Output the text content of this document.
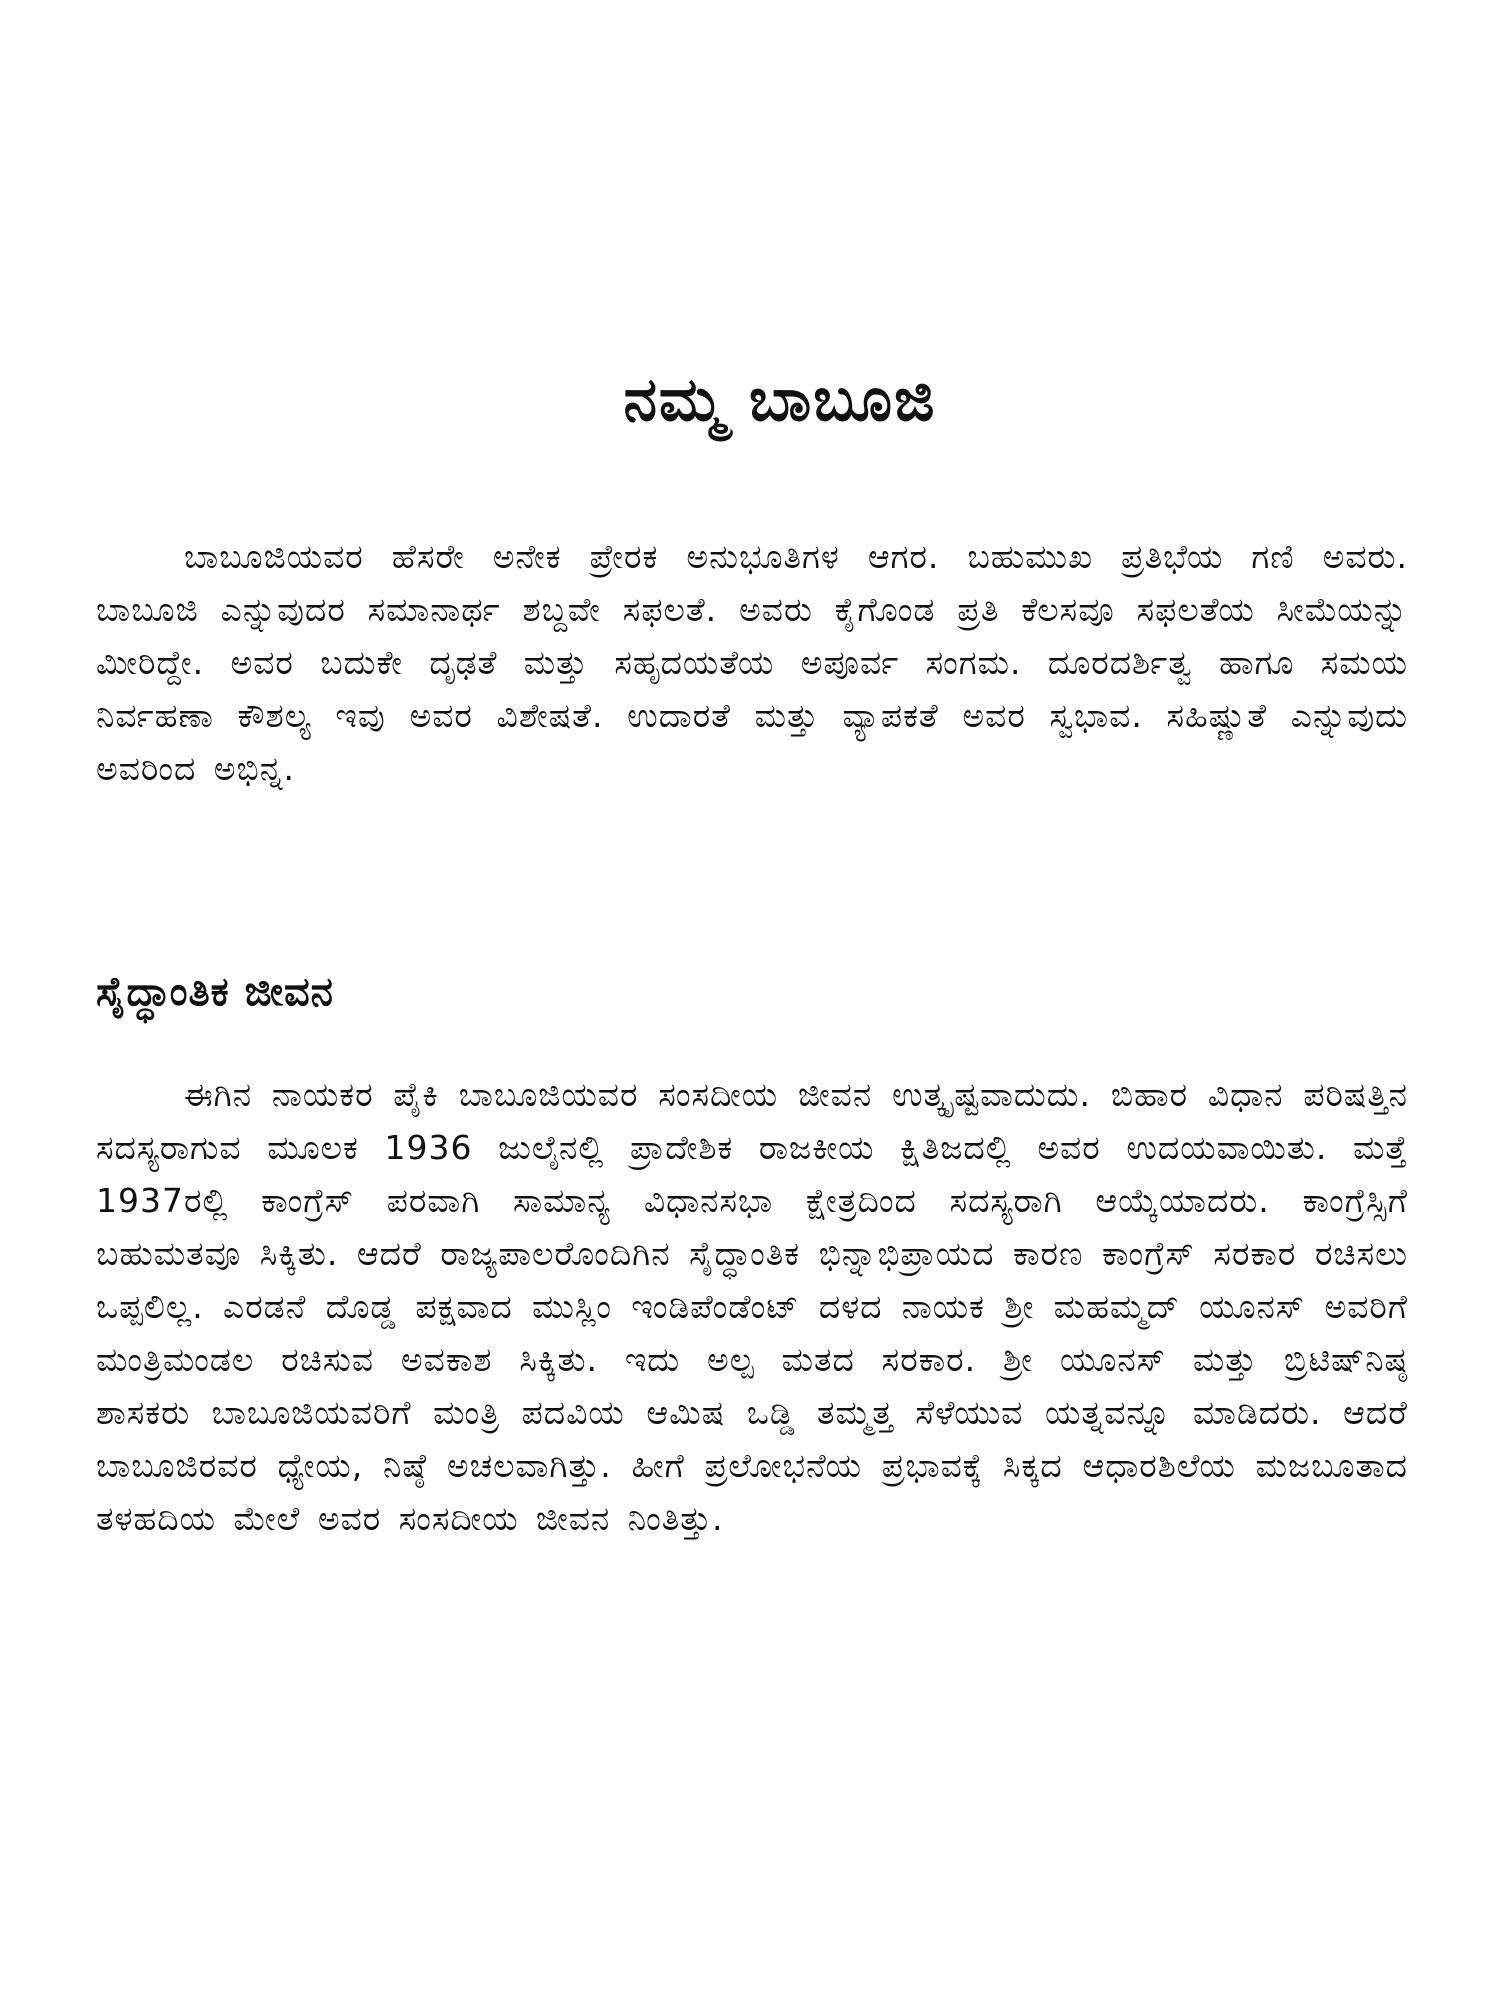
ನಮ್ಮ ಬಾಬೂಜಿ

ಬಾಬೂಜಿಯವರ ಹೆಸರೇ ಅನೇಕ ಪ್ರೇರಕ ಅನುಭೂತಿಗಳ ಆಗರ. ಬಹುಮುಖ ಪ್ರತಿಭೆಯ ಗಣಿ ಅವರು. ಬಾಬೂಜಿ ಎನ್ನುವುದರ ಸಮಾನಾರ್ಥ ಶಬ್ದವೇ ಸಫಲತೆ. ಅವರು ಕೈಗೊಂಡ ಪ್ರತಿ ಕೆಲಸವೂ ಸಫಲತೆಯ ಸೀಮೆಯನ್ನು ಮೀರಿದ್ದೇ. ಅವರ ಬದುಕೇ ದೃಢತೆ ಮತ್ತು ಸಹೃದಯತೆಯ ಅಪೂರ್ವ ಸಂಗಮ. ದೂರದರ್ಶಿತ್ವ ಹಾಗೂ ಸಮಯ ನಿರ್ವಹಣಾ ಕೌಶಲ್ಯ ಇವು ಅವರ ವಿಶೇಷತೆ. ಉದಾರತೆ ಮತ್ತು ವ್ಯಾಪಕತೆ ಅವರ ಸ್ವಭಾವ. ಸಹಿಷ್ಣುತೆ ಎನ್ನುವುದು ಅವರಿಂದ ಅಭಿನ್ನ.

ಸೈದ್ಧಾಂತಿಕ ಜೀವನ

ಈಗಿನ ನಾಯಕರ ಪೈಕಿ ಬಾಬೂಜಿಯವರ ಸಂಸದೀಯ ಜೀವನ ಉತ್ಕೃಷ್ಟವಾದುದು. ಬಿಹಾರ ವಿಧಾನ ಪರಿಷತ್ತಿನ ಸದಸ್ಯರಾಗುವ ಮೂಲಕ 1936 ಜುಲೈನಲ್ಲಿ ಪ್ರಾದೇಶಿಕ ರಾಜಕೀಯ ಕ್ಷಿತಿಜದಲ್ಲಿ ಅವರ ಉದಯವಾಯಿತು. ಮತ್ತೆ 1937ರಲ್ಲಿ ಕಾಂಗ್ರೆಸ್ ಪರವಾಗಿ ಸಾಮಾನ್ಯ ವಿಧಾನಸಭಾ ಕ್ಷೇತ್ರದಿಂದ ಸದಸ್ಯರಾಗಿ ಆಯ್ಕೆಯಾದರು. ಕಾಂಗ್ರೆಸ್ಸಿಗೆ ಬಹುಮತವೂ ಸಿಕ್ಕಿತು. ಆದರೆ ರಾಜ್ಯಪಾಲರೊಂದಿಗಿನ ಸೈದ್ಧಾಂತಿಕ ಭಿನ್ನಾಭಿಪ್ರಾಯದ ಕಾರಣ ಕಾಂಗ್ರೆಸ್ ಸರಕಾರ ರಚಿಸಲು ಒಪ್ಪಲಿಲ್ಲ. ಎರಡನೆ ದೊಡ್ಡ ಪಕ್ಷವಾದ ಮುಸ್ಲಿಂ ಇಂಡಿಪೆಂಡೆಂಟ್ ದಳದ ನಾಯಕ ಶ್ರೀ ಮಹಮ್ಮದ್ ಯೂನಸ್ ಅವರಿಗೆ ಮಂತ್ರಿಮಂಡಲ ರಚಿಸುವ ಅವಕಾಶ ಸಿಕ್ಕಿತು. ಇದು ಅಲ್ಪ ಮತದ ಸರಕಾರ. ಶ್ರೀ ಯೂನಸ್ ಮತ್ತು ಬ್ರಿಟಿಷ್‌ನಿಷ್ಠ ಶಾಸಕರು ಬಾಬೂಜಿಯವರಿಗೆ ಮಂತ್ರಿ ಪದವಿಯ ಆಮಿಷ ಒಡ್ಡಿ ತಮ್ಮತ್ತ ಸೆಳೆಯುವ ಯತ್ನವನ್ನೂ ಮಾಡಿದರು. ಆದರೆ ಬಾಬೂಜಿರವರ ಧ್ಯೇಯ, ನಿಷ್ಠೆ ಅಚಲವಾಗಿತ್ತು. ಹೀಗೆ ಪ್ರಲೋಭನೆಯ ಪ್ರಭಾವಕ್ಕೆ ಸಿಕ್ಕದ ಆಧಾರಶಿಲೆಯ ಮಜಬೂತಾದ ತಳಹದಿಯ ಮೇಲೆ ಅವರ ಸಂಸದೀಯ ಜೀವನ ನಿಂತಿತ್ತು.
